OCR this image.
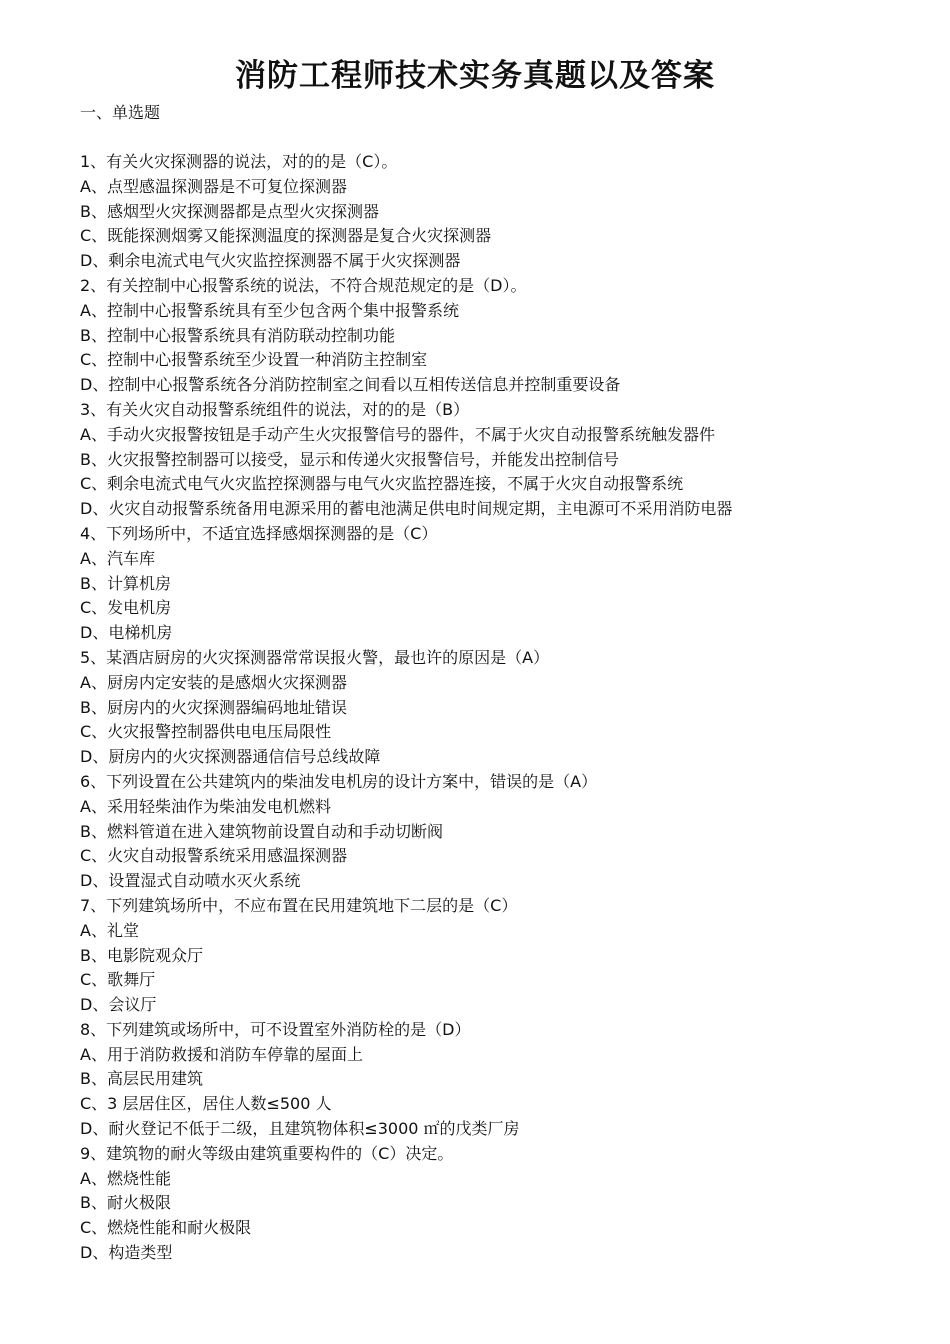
消防工程师技术实务真题以及答案
一、单选题
1、有关火灾探测器的说法，对的的是（C）。
A、点型感温探测器是不可复位探测器
B、感烟型火灾探测器都是点型火灾探测器
C、既能探测烟雾又能探测温度的探测器是复合火灾探测器
D、剩余电流式电气火灾监控探测器不属于火灾探测器
2、有关控制中心报警系统的说法，不符合规范规定的是（D）。
A、控制中心报警系统具有至少包含两个集中报警系统
B、控制中心报警系统具有消防联动控制功能
C、控制中心报警系统至少设置一种消防主控制室
D、控制中心报警系统各分消防控制室之间看以互相传送信息并控制重要设备
3、有关火灾自动报警系统组件的说法，对的的是（B）
A、手动火灾报警按钮是手动产生火灾报警信号的器件，不属于火灾自动报警系统触发器件
B、火灾报警控制器可以接受，显示和传递火灾报警信号，并能发出控制信号
C、剩余电流式电气火灾监控探测器与电气火灾监控器连接，不属于火灾自动报警系统
D、火灾自动报警系统备用电源采用的蓄电池满足供电时间规定期，主电源可不采用消防电器
4、下列场所中，不适宜选择感烟探测器的是（C）
A、汽车库
B、计算机房
C、发电机房
D、电梯机房
5、某酒店厨房的火灾探测器常常误报火警，最也许的原因是（A）
A、厨房内定安装的是感烟火灾探测器
B、厨房内的火灾探测器编码地址错误
C、火灾报警控制器供电电压局限性
D、厨房内的火灾探测器通信信号总线故障
6、下列设置在公共建筑内的柴油发电机房的设计方案中，错误的是（A）
A、采用轻柴油作为柴油发电机燃料
B、燃料管道在进入建筑物前设置自动和手动切断阀
C、火灾自动报警系统采用感温探测器
D、设置湿式自动喷水灭火系统
7、下列建筑场所中，不应布置在民用建筑地下二层的是（C）
A、礼堂
B、电影院观众厅
C、歌舞厅
D、会议厅
8、下列建筑或场所中，可不设置室外消防栓的是（D）
A、用于消防救援和消防车停靠的屋面上
B、高层民用建筑
C、3 层居住区，居住人数≤500 人
D、耐火登记不低于二级，且建筑物体积≤3000 ㎡的戊类厂房
9、建筑物的耐火等级由建筑重要构件的（C）决定。
A、燃烧性能
B、耐火极限
C、燃烧性能和耐火极限
D、构造类型
